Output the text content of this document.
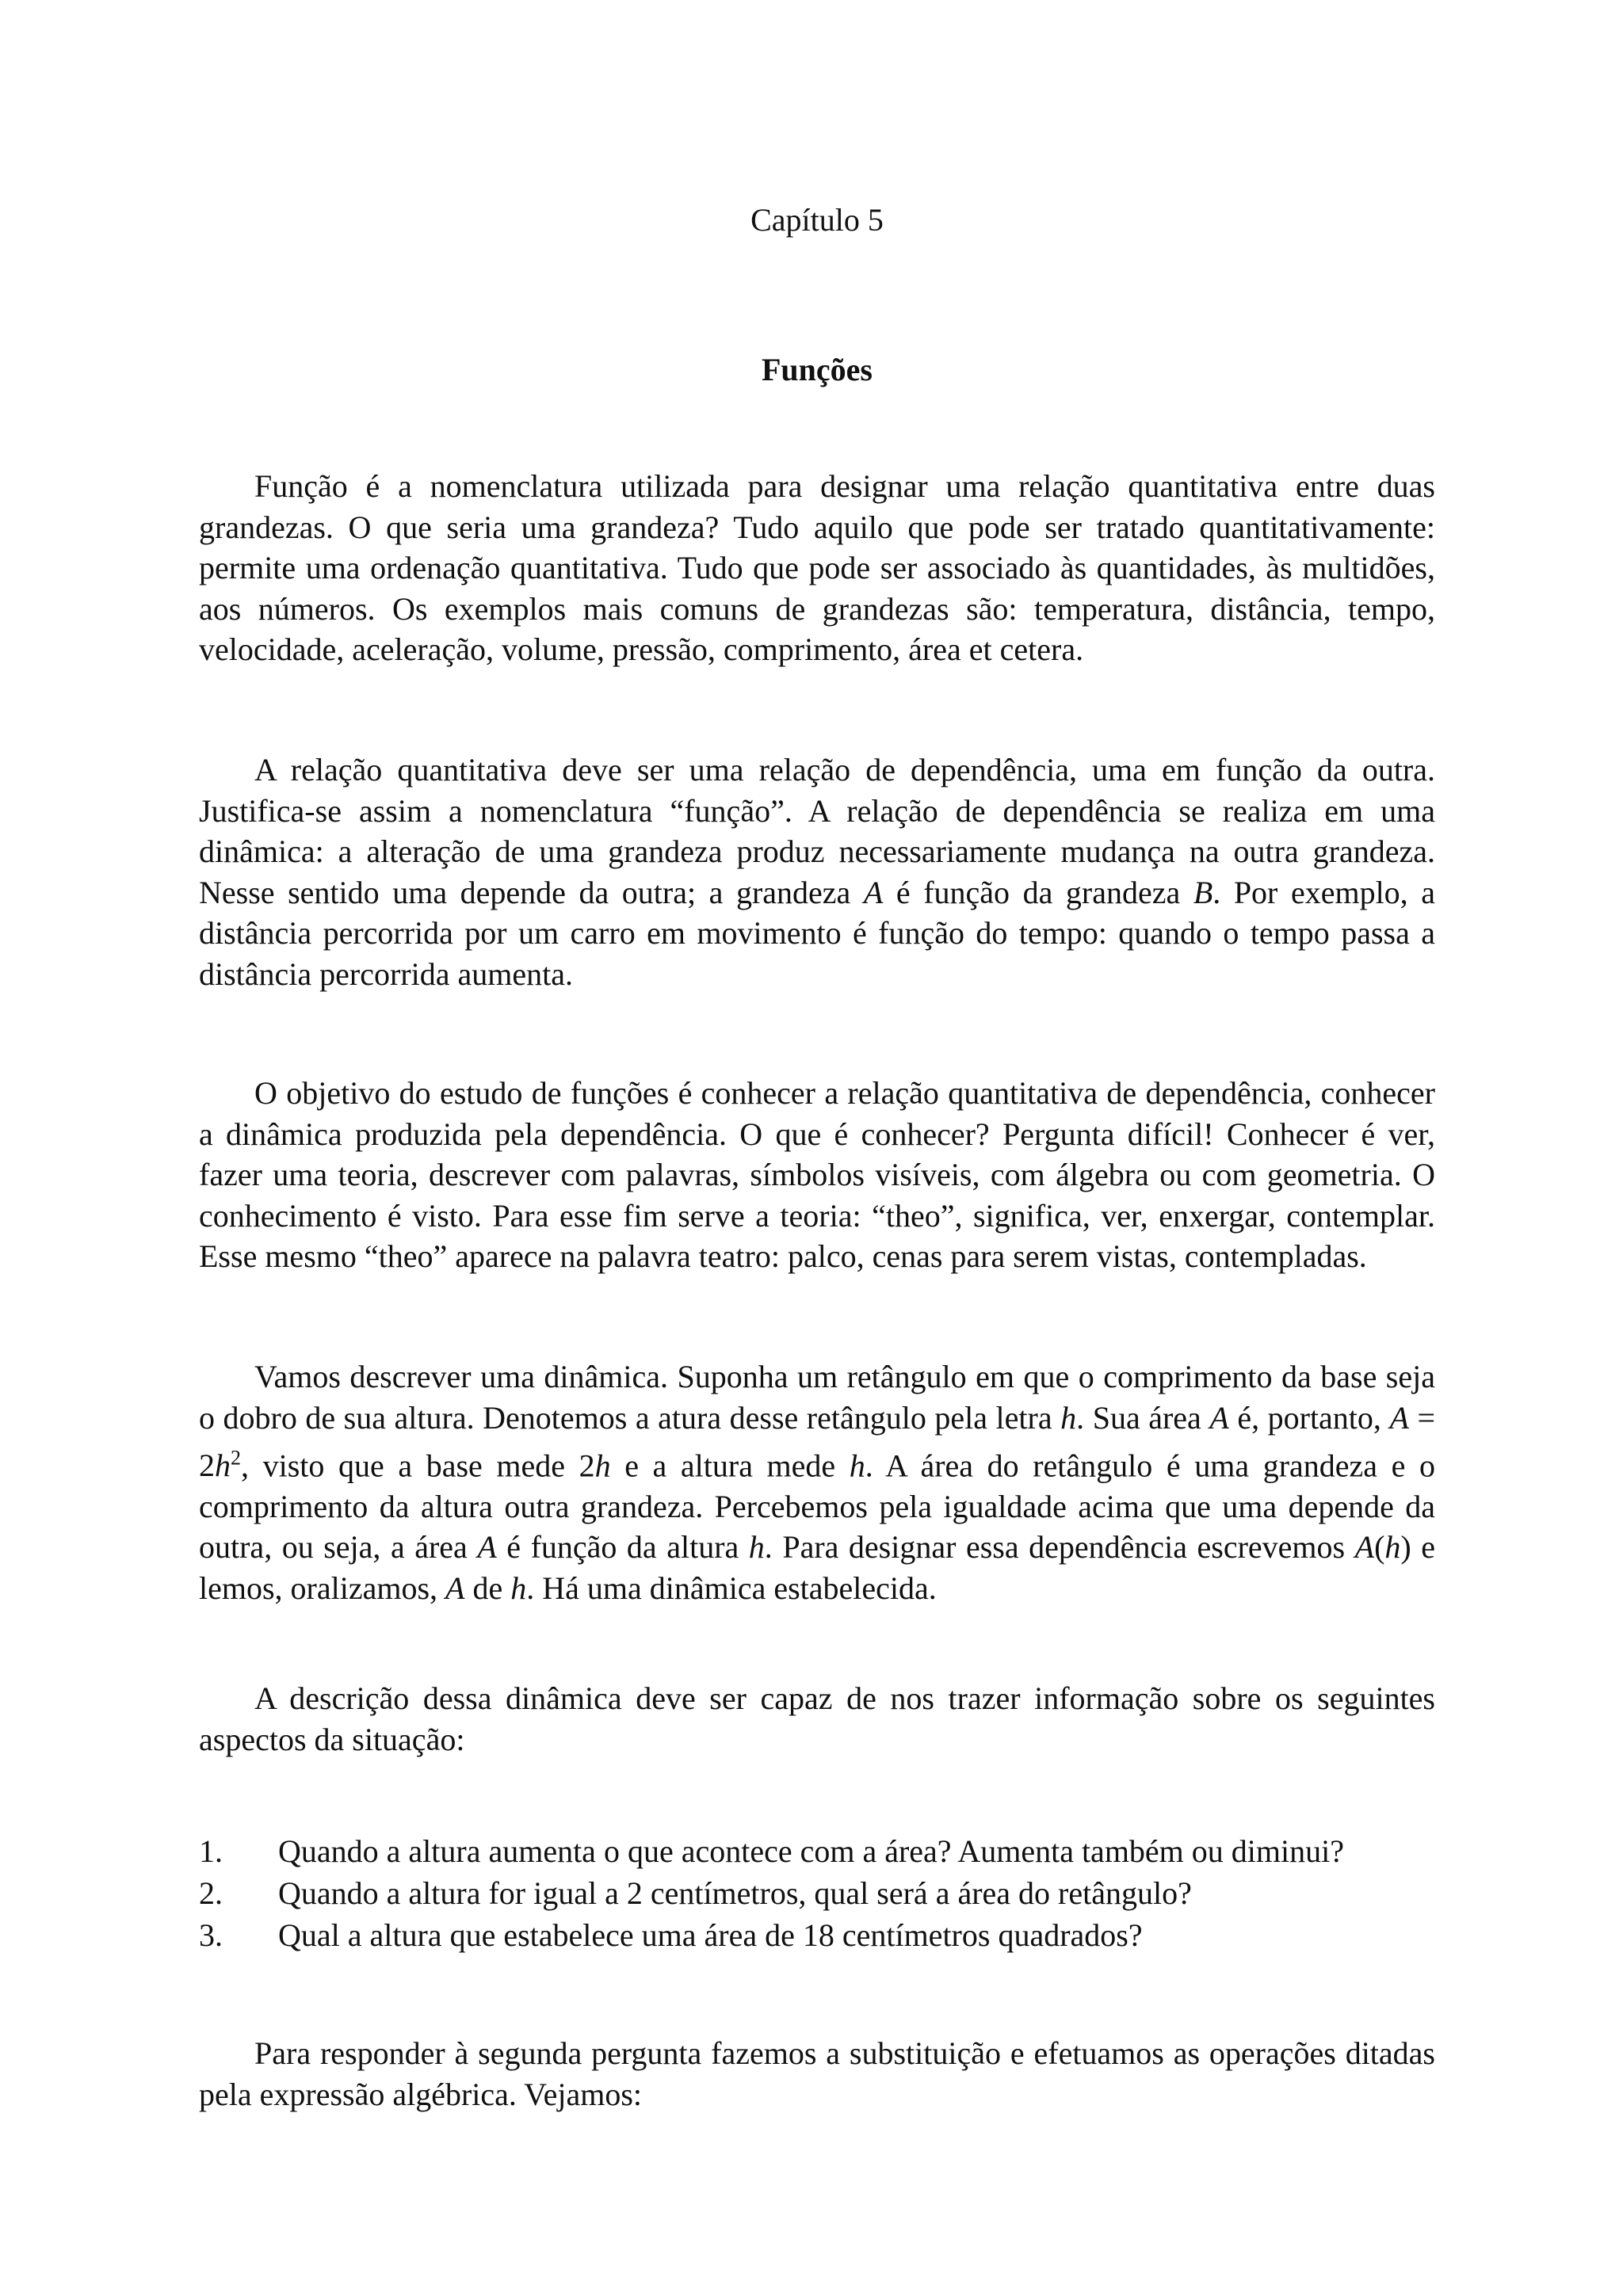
Capítulo 5
Funções

Função é a nomenclatura utilizada para designar uma relação quantitativa entre duas grandezas. O que seria uma grandeza? Tudo aquilo que pode ser tratado quantitativamente: permite uma ordenação quantitativa. Tudo que pode ser associado às quantidades, às multidões, aos números. Os exemplos mais comuns de grandezas são: temperatura, distância, tempo, velocidade, aceleração, volume, pressão, comprimento, área et cetera.

A relação quantitativa deve ser uma relação de dependência, uma em função da outra. Justifica-se assim a nomenclatura “função”. A relação de dependência se realiza em uma dinâmica: a alteração de uma grandeza produz necessariamente mudança na outra grandeza. Nesse sentido uma depende da outra; a grandeza A é função da grandeza B. Por exemplo, a distância percorrida por um carro em movimento é função do tempo: quando o tempo passa a distância percorrida aumenta.

O objetivo do estudo de funções é conhecer a relação quantitativa de dependência, conhecer a dinâmica produzida pela dependência. O que é conhecer? Pergunta difícil! Conhecer é ver, fazer uma teoria, descrever com palavras, símbolos visíveis, com álgebra ou com geometria. O conhecimento é visto. Para esse fim serve a teoria: “theo”, significa, ver, enxergar, contemplar. Esse mesmo “theo” aparece na palavra teatro: palco, cenas para serem vistas, contempladas.

Vamos descrever uma dinâmica. Suponha um retângulo em que o comprimento da base seja o dobro de sua altura. Denotemos a atura desse retângulo pela letra h. Sua área A é, portanto, $A = 2h^2$, visto que a base mede 2h e a altura mede h. A área do retângulo é uma grandeza e o comprimento da altura outra grandeza. Percebemos pela igualdade acima que uma depende da outra, ou seja, a área A é função da altura h. Para designar essa dependência escrevemos A(h) e lemos, oralizamos, A de h. Há uma dinâmica estabelecida.

A descrição dessa dinâmica deve ser capaz de nos trazer informação sobre os seguintes aspectos da situação:

1. Quando a altura aumenta o que acontece com a área? Aumenta também ou diminui?
2. Quando a altura for igual a 2 centímetros, qual será a área do retângulo?
3. Qual a altura que estabelece uma área de 18 centímetros quadrados?

Para responder à segunda pergunta fazemos a substituição e efetuamos as operações ditadas pela expressão algébrica. Vejamos:
